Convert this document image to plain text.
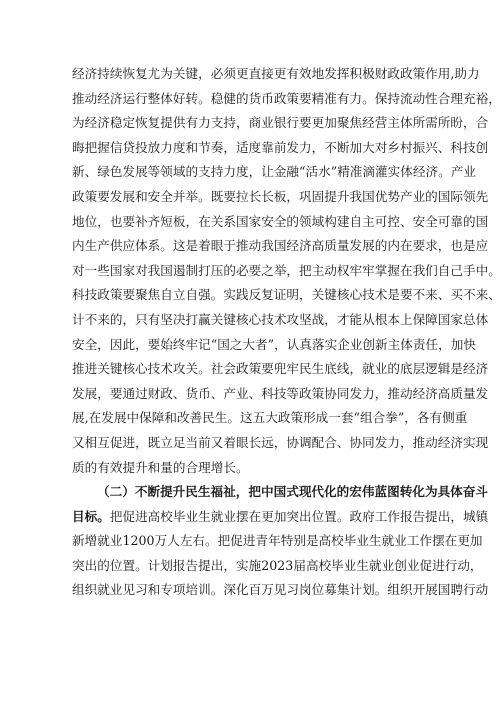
经济持续恢复尤为关键，必须更直接更有效地发挥积极财政政策作用,助力
推动经济运行整体好转。稳健的货币政策要精准有力。保持流动性合理充裕，
为经济稳定恢复提供有力支持，商业银行要更加聚焦经营主体所需所盼，合
晦把握信贷投放力度和节奏，适度靠前发力，不断加大对乡村振兴、科技创
新、绿色发展等领域的支持力度，让金融“活水”精准滴灌实体经济。产业
政策要发展和安全并举。既要拉长长板，巩固提升我国优势产业的国际领先
地位，也要补齐短板，在关系国家安全的领域构建自主可控、安全可靠的国
内生产供应体系。这是着眼于推动我国经济高质量发展的内在要求，也是应
对一些国家对我国遏制打压的必要之举，把主动权牢牢掌握在我们自己手中。
科技政策要聚焦自立自强。实践反复证明，关键核心技术是要不来、买不来、
计不来的，只有坚决打赢关键核心技术攻坚战，才能从根本上保障国家总体
安全，因此，要始终牢记“国之大者”，认真落实企业创新主体责任，加快
推进关键核心技术攻关。社会政策要兜牢民生底线，就业的底层逻辑是经济
发展，要通过财政、货币、产业、科技等政策协同发力，推动经济高质量发
展,在发展中保障和改善民生。这五大政策形成一套“组合拳”，各有侧重
又相互促进，既立足当前又着眼长远，协调配合、协同发力，推动经济实现
质的有效提升和量的合理增长。
（二）不断提升民生福祉，把中国式现代化的宏伟蓝图转化为具体奋斗
目标。把促进高校毕业生就业摆在更加突出位置。政府工作报告提出，城镇
新增就业1200万人左右。把促进青年特别是高校毕业生就业工作摆在更加
突出的位置。计划报告提出，实施2023届高校毕业生就业创业促进行动，
组织就业见习和专项培训。深化百万见习岗位募集计划。组织开展国聘行动
